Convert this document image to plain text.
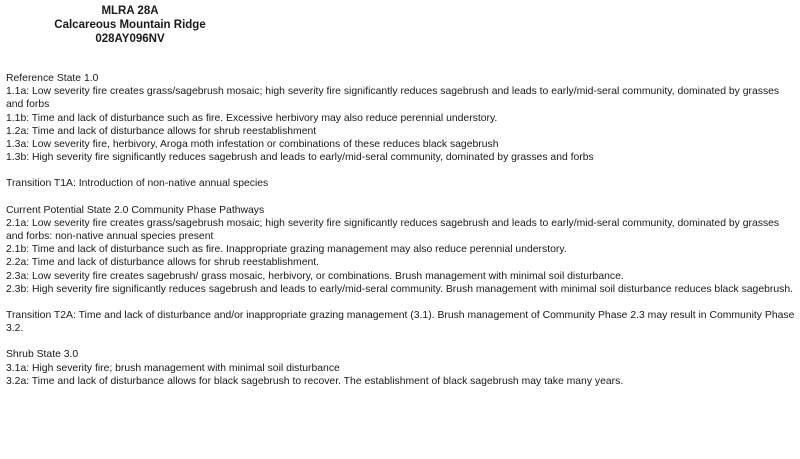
MLRA 28A
Calcareous Mountain Ridge
028AY096NV

Reference State 1.0

1.1a: Low severity fire creates grass/sagebrush mosaic; high severity fire significantly reduces sagebrush and leads to early/mid-seral community, dominated by grasses and forbs

1.1b: Time and lack of disturbance such as fire. Excessive herbivory may also reduce perennial understory.

1.2a: Time and lack of disturbance allows for shrub reestablishment

1.3a: Low severity fire, herbivory, Aroga moth infestation or combinations of these reduces black sagebrush

1.3b: High severity fire significantly reduces sagebrush and leads to early/mid-seral community, dominated by grasses and forbs

Transition T1A: Introduction of non-native annual species

Current Potential State 2.0 Community Phase Pathways

2.1a: Low severity fire creates grass/sagebrush mosaic; high severity fire significantly reduces sagebrush and leads to early/mid-seral community, dominated by grasses and forbs: non-native annual species present

2.1b: Time and lack of disturbance such as fire. Inappropriate grazing management may also reduce perennial understory.

2.2a: Time and lack of disturbance allows for shrub reestablishment.

2.3a: Low severity fire creates sagebrush/ grass mosaic, herbivory, or combinations. Brush management with minimal soil disturbance.

2.3b: High severity fire significantly reduces sagebrush and leads to early/mid-seral community. Brush management with minimal soil disturbance reduces black sagebrush.

Transition T2A: Time and lack of disturbance and/or inappropriate grazing management (3.1). Brush management of Community Phase 2.3 may result in Community Phase 3.2.

Shrub State 3.0

3.1a: High severity fire; brush management with minimal soil disturbance

3.2a: Time and lack of disturbance allows for black sagebrush to recover. The establishment of black sagebrush may take many years.
